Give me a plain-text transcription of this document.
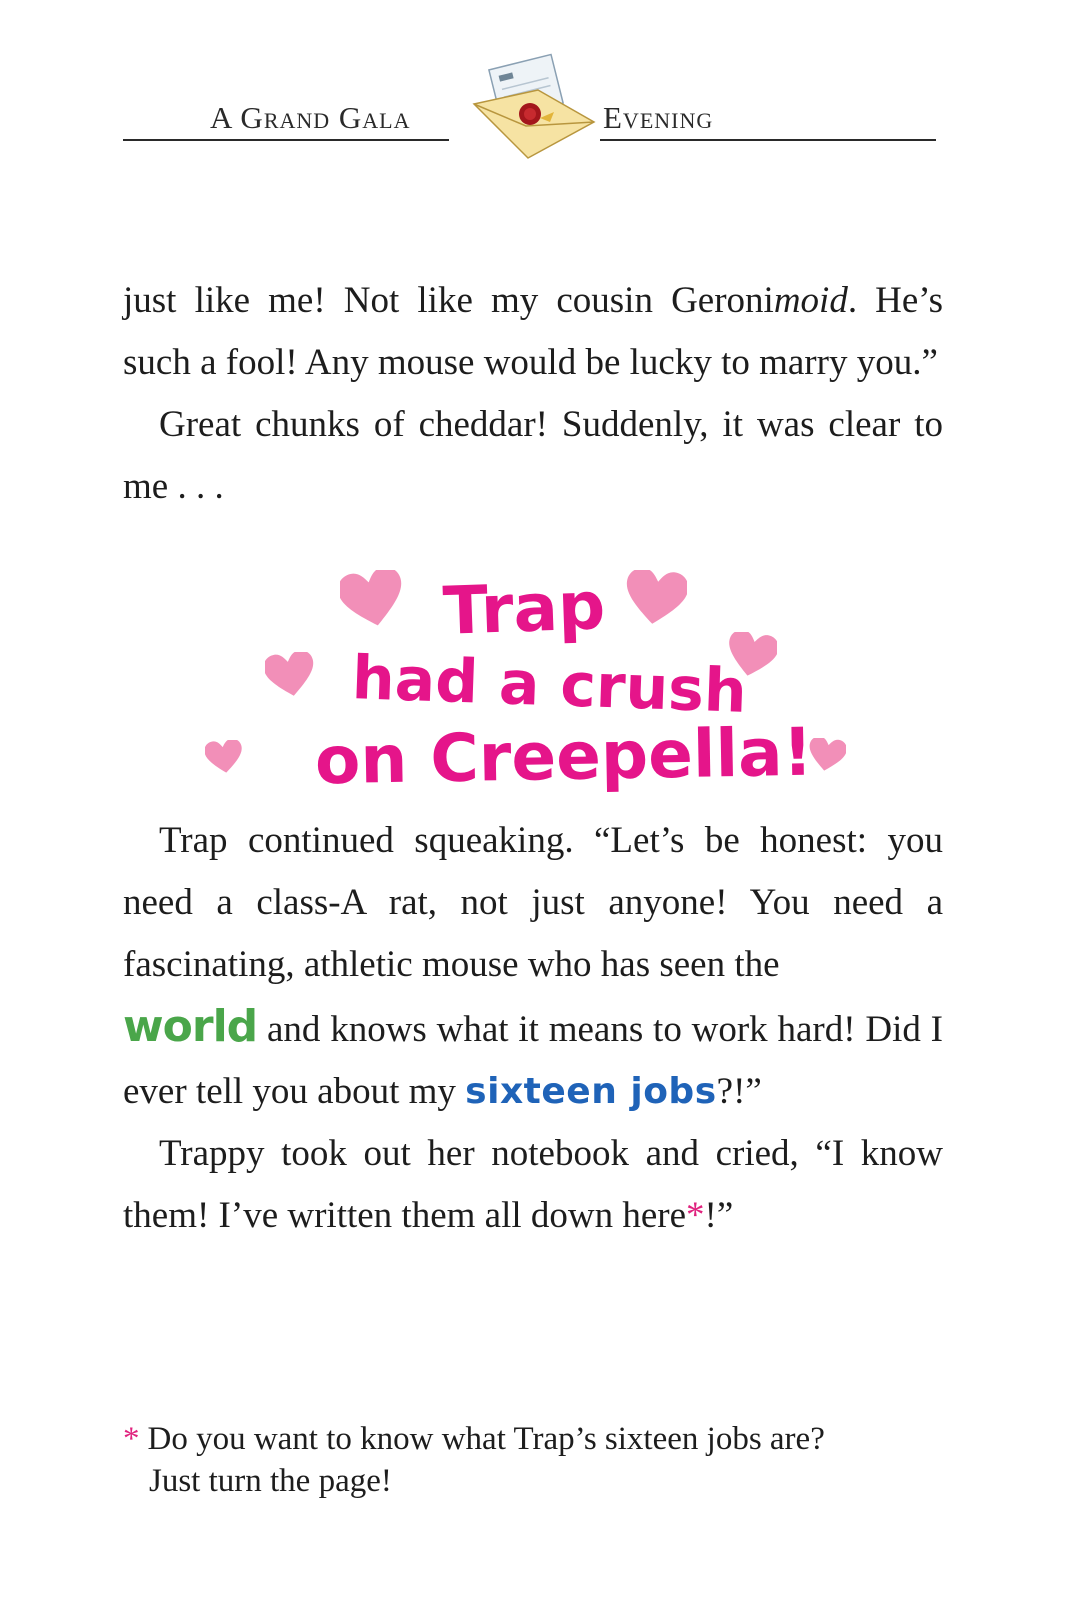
A Grand Gala	Evening

just like me! Not like my cousin Geronimoid. He’s such a fool! Any mouse would be lucky to marry you.”

Great chunks of cheddar! Suddenly, it was clear to me . . .

Trap
had a crush
on Creepella!

Trap continued squeaking. “Let’s be honest: you need a class-A rat, not just anyone! You need a fascinating, athletic mouse who has seen the
world and knows what it means to work hard! Did I ever tell you about my sixteen jobs?!”

Trappy took out her notebook and cried, “I know them! I’ve written them all down here*!”

* Do you want to know what Trap’s sixteen jobs are?
Just turn the page!
